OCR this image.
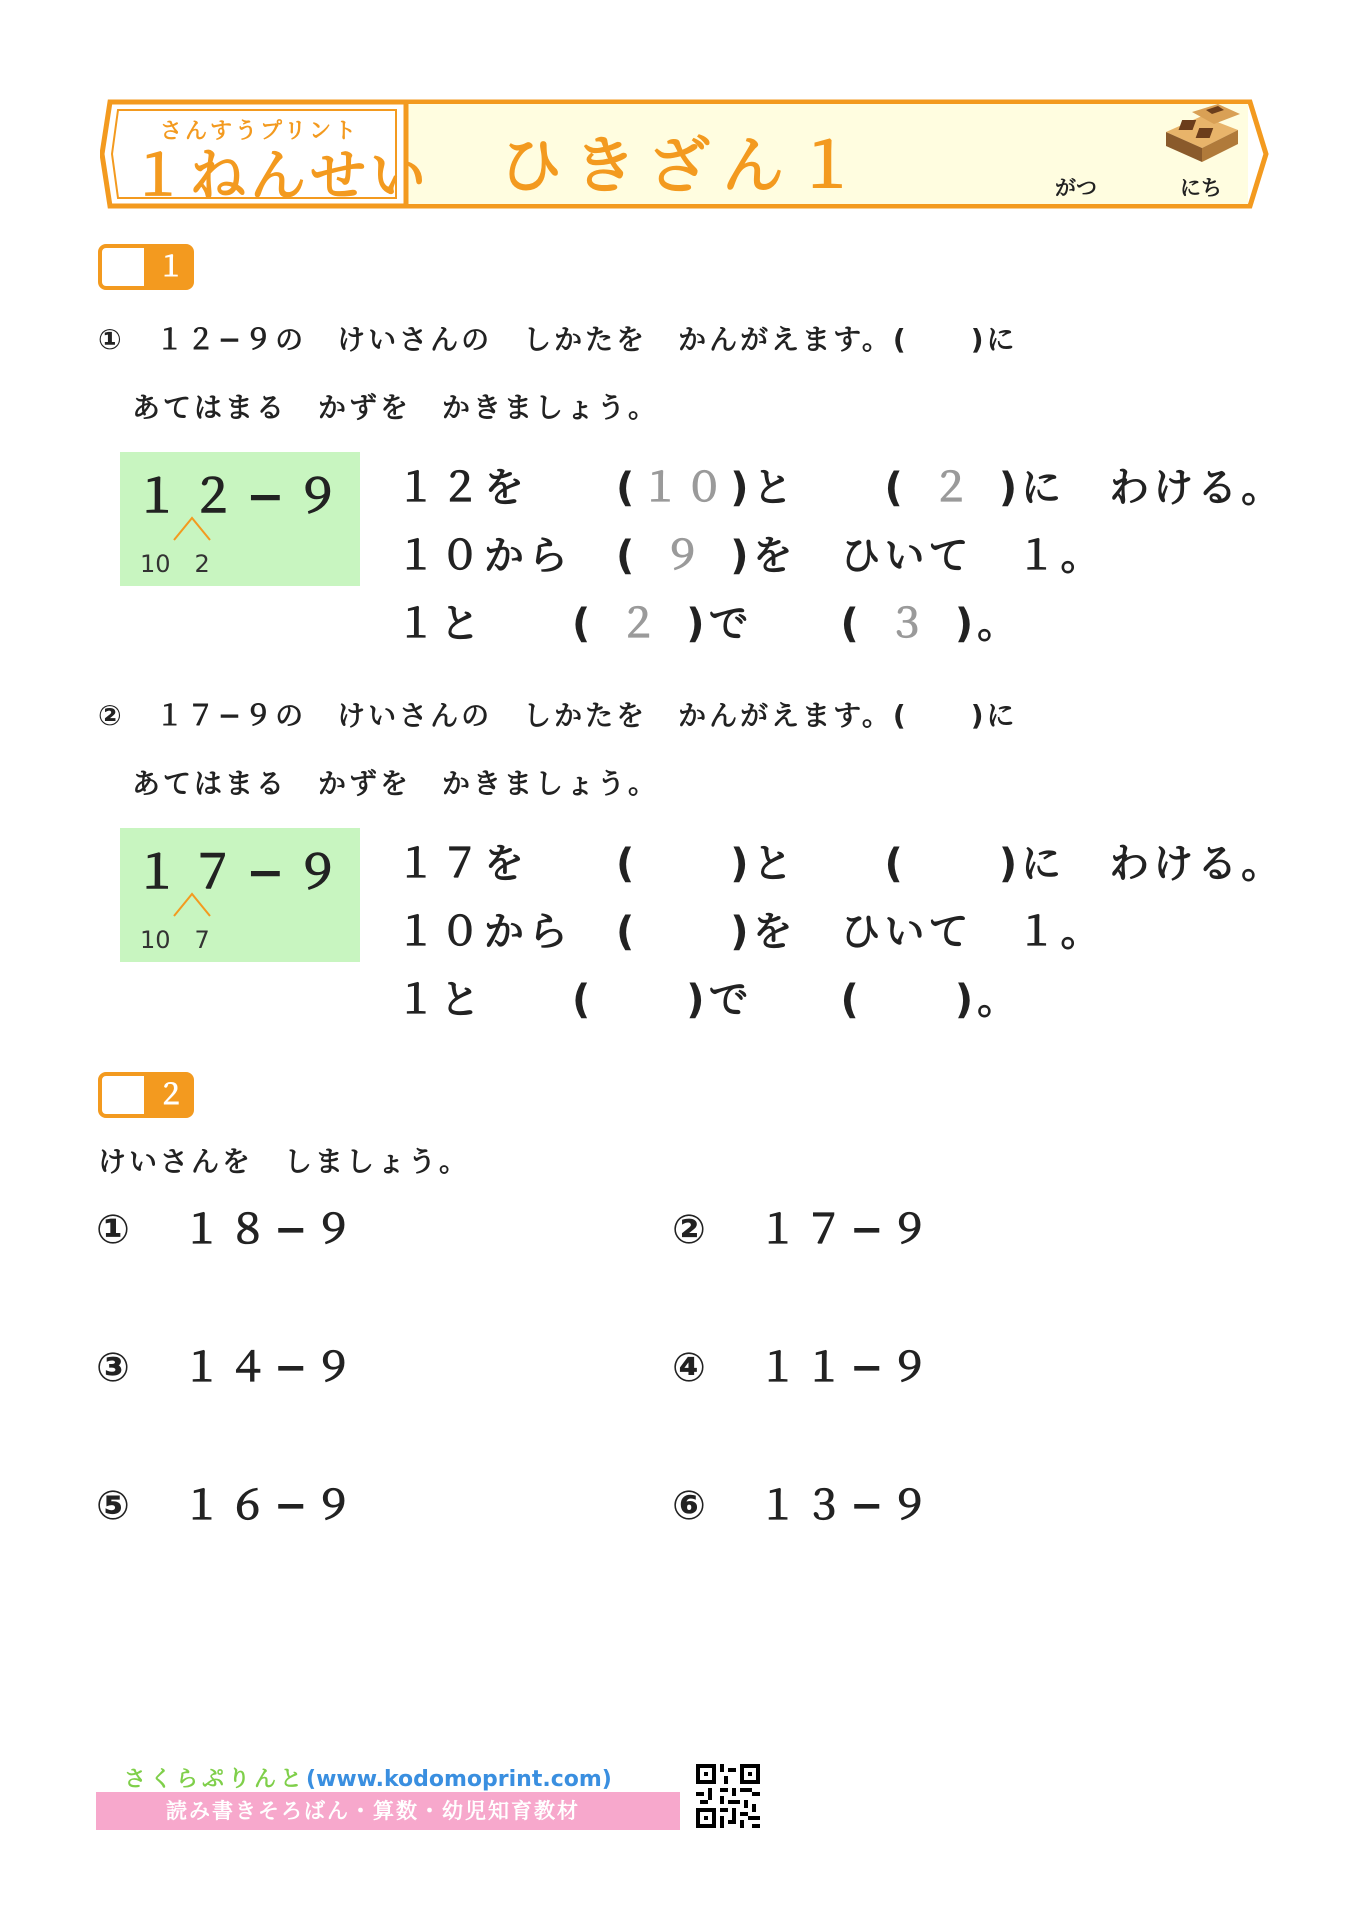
さんすうプリント
１ねんせい ひきざん１	がつ	にち
１
①　１２−９の　けいさんの　しかたを　かんがえます。(　　)に
あてはまる　かずを　かきましょう。
１２−９
10　2
１２を　　(１０)と　　( ２ )に　わける。
１０から　( ９ )を　ひいて　１。
１と　　( ２ )で　　( ３ )。
②　１７−９の　けいさんの　しかたを　かんがえます。(　　)に
あてはまる　かずを　かきましょう。
１７−９
10　7
１７を　　( )と　　( )に　わける。
１０から　( )を　ひいて　１。
１と　　( )で　　( )。
２
けいさんを　しましょう。
①　１８−９	②　１７−９
③　１４−９	④　１１−９
⑤　１６−９	⑥　１３−９
さくらぷりんと(www.kodomoprint.com)
読み書きそろばん・算数・幼児知育教材
